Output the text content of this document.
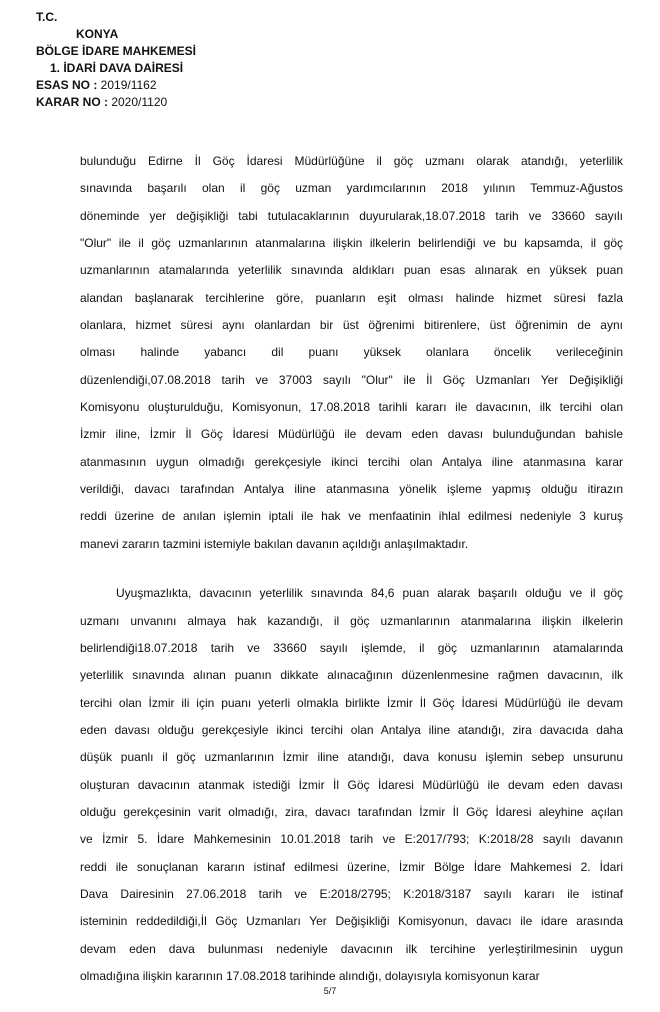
T.C.
KONYA
BÖLGE İDARE MAHKEMESİ
1. İDARİ DAVA DAİRESİ
ESAS NO : 2019/1162
KARAR NO : 2020/1120
bulunduğu Edirne İl Göç İdaresi Müdürlüğüne il göç uzmanı olarak atandığı, yeterlilik
sınavında başarılı olan il göç uzman yardımcılarının 2018 yılının Temmuz-Ağustos
döneminde yer değişikliği tabi tutulacaklarının duyurularak,18.07.2018 tarih ve 33660 sayılı
"Olur" ile il göç uzmanlarının atanmalarına ilişkin ilkelerin belirlendiği ve bu kapsamda, il göç
uzmanlarının atamalarında yeterlilik sınavında aldıkları puan esas alınarak en yüksek puan
alandan başlanarak tercihlerine göre, puanların eşit olması halinde hizmet süresi fazla
olanlara, hizmet süresi aynı olanlardan bir üst öğrenimi bitirenlere, üst öğrenimin de aynı
olması halinde yabancı dil puanı yüksek olanlara öncelik verileceğinin
düzenlendiği,07.08.2018 tarih ve 37003 sayılı "Olur" ile İl Göç Uzmanları Yer Değişikliği
Komisyonu oluşturulduğu, Komisyonun, 17.08.2018 tarihli kararı ile davacının, ilk tercihi olan
İzmir iline, İzmir İl Göç İdaresi Müdürlüğü ile devam eden davası bulunduğundan bahisle
atanmasının uygun olmadığı gerekçesiyle ikinci tercihi olan Antalya iline atanmasına karar
verildiği, davacı tarafından Antalya iline atanmasına yönelik işleme yapmış olduğu itirazın
reddi üzerine de anılan işlemin iptali ile hak ve menfaatinin ihlal edilmesi nedeniyle 3 kuruş
manevi zararın tazmini istemiyle bakılan davanın açıldığı anlaşılmaktadır.
Uyuşmazlıkta, davacının yeterlilik sınavında 84,6 puan alarak başarılı olduğu ve il göç
uzmanı unvanını almaya hak kazandığı, il göç uzmanlarının atanmalarına ilişkin ilkelerin
belirlendiği18.07.2018 tarih ve 33660 sayılı işlemde, il göç uzmanlarının atamalarında
yeterlilik sınavında alınan puanın dikkate alınacağının düzenlenmesine rağmen davacının, ilk
tercihi olan İzmir ili için puanı yeterli olmakla birlikte İzmir İl Göç İdaresi Müdürlüğü ile devam
eden davası olduğu gerekçesiyle ikinci tercihi olan Antalya iline atandığı, zira davacıda daha
düşük puanlı il göç uzmanlarının İzmir iline atandığı, dava konusu işlemin sebep unsurunu
oluşturan davacının atanmak istediği İzmir İl Göç İdaresi Müdürlüğü ile devam eden davası
olduğu gerekçesinin varit olmadığı, zira, davacı tarafından İzmir İl Göç İdaresi aleyhine açılan
ve İzmir 5. İdare Mahkemesinin 10.01.2018 tarih ve E:2017/793; K:2018/28 sayılı davanın
reddi ile sonuçlanan kararın istinaf edilmesi üzerine, İzmir Bölge İdare Mahkemesi 2. İdari
Dava Dairesinin 27.06.2018 tarih ve E:2018/2795; K:2018/3187 sayılı kararı ile istinaf
isteminin reddedildiği,İl Göç Uzmanları Yer Değişikliği Komisyonun, davacı ile idare arasında
devam eden dava bulunması nedeniyle davacının ilk tercihine yerleştirilmesinin uygun
olmadığına ilişkin kararının 17.08.2018 tarihinde alındığı, dolayısıyla komisyonun karar
5/7
